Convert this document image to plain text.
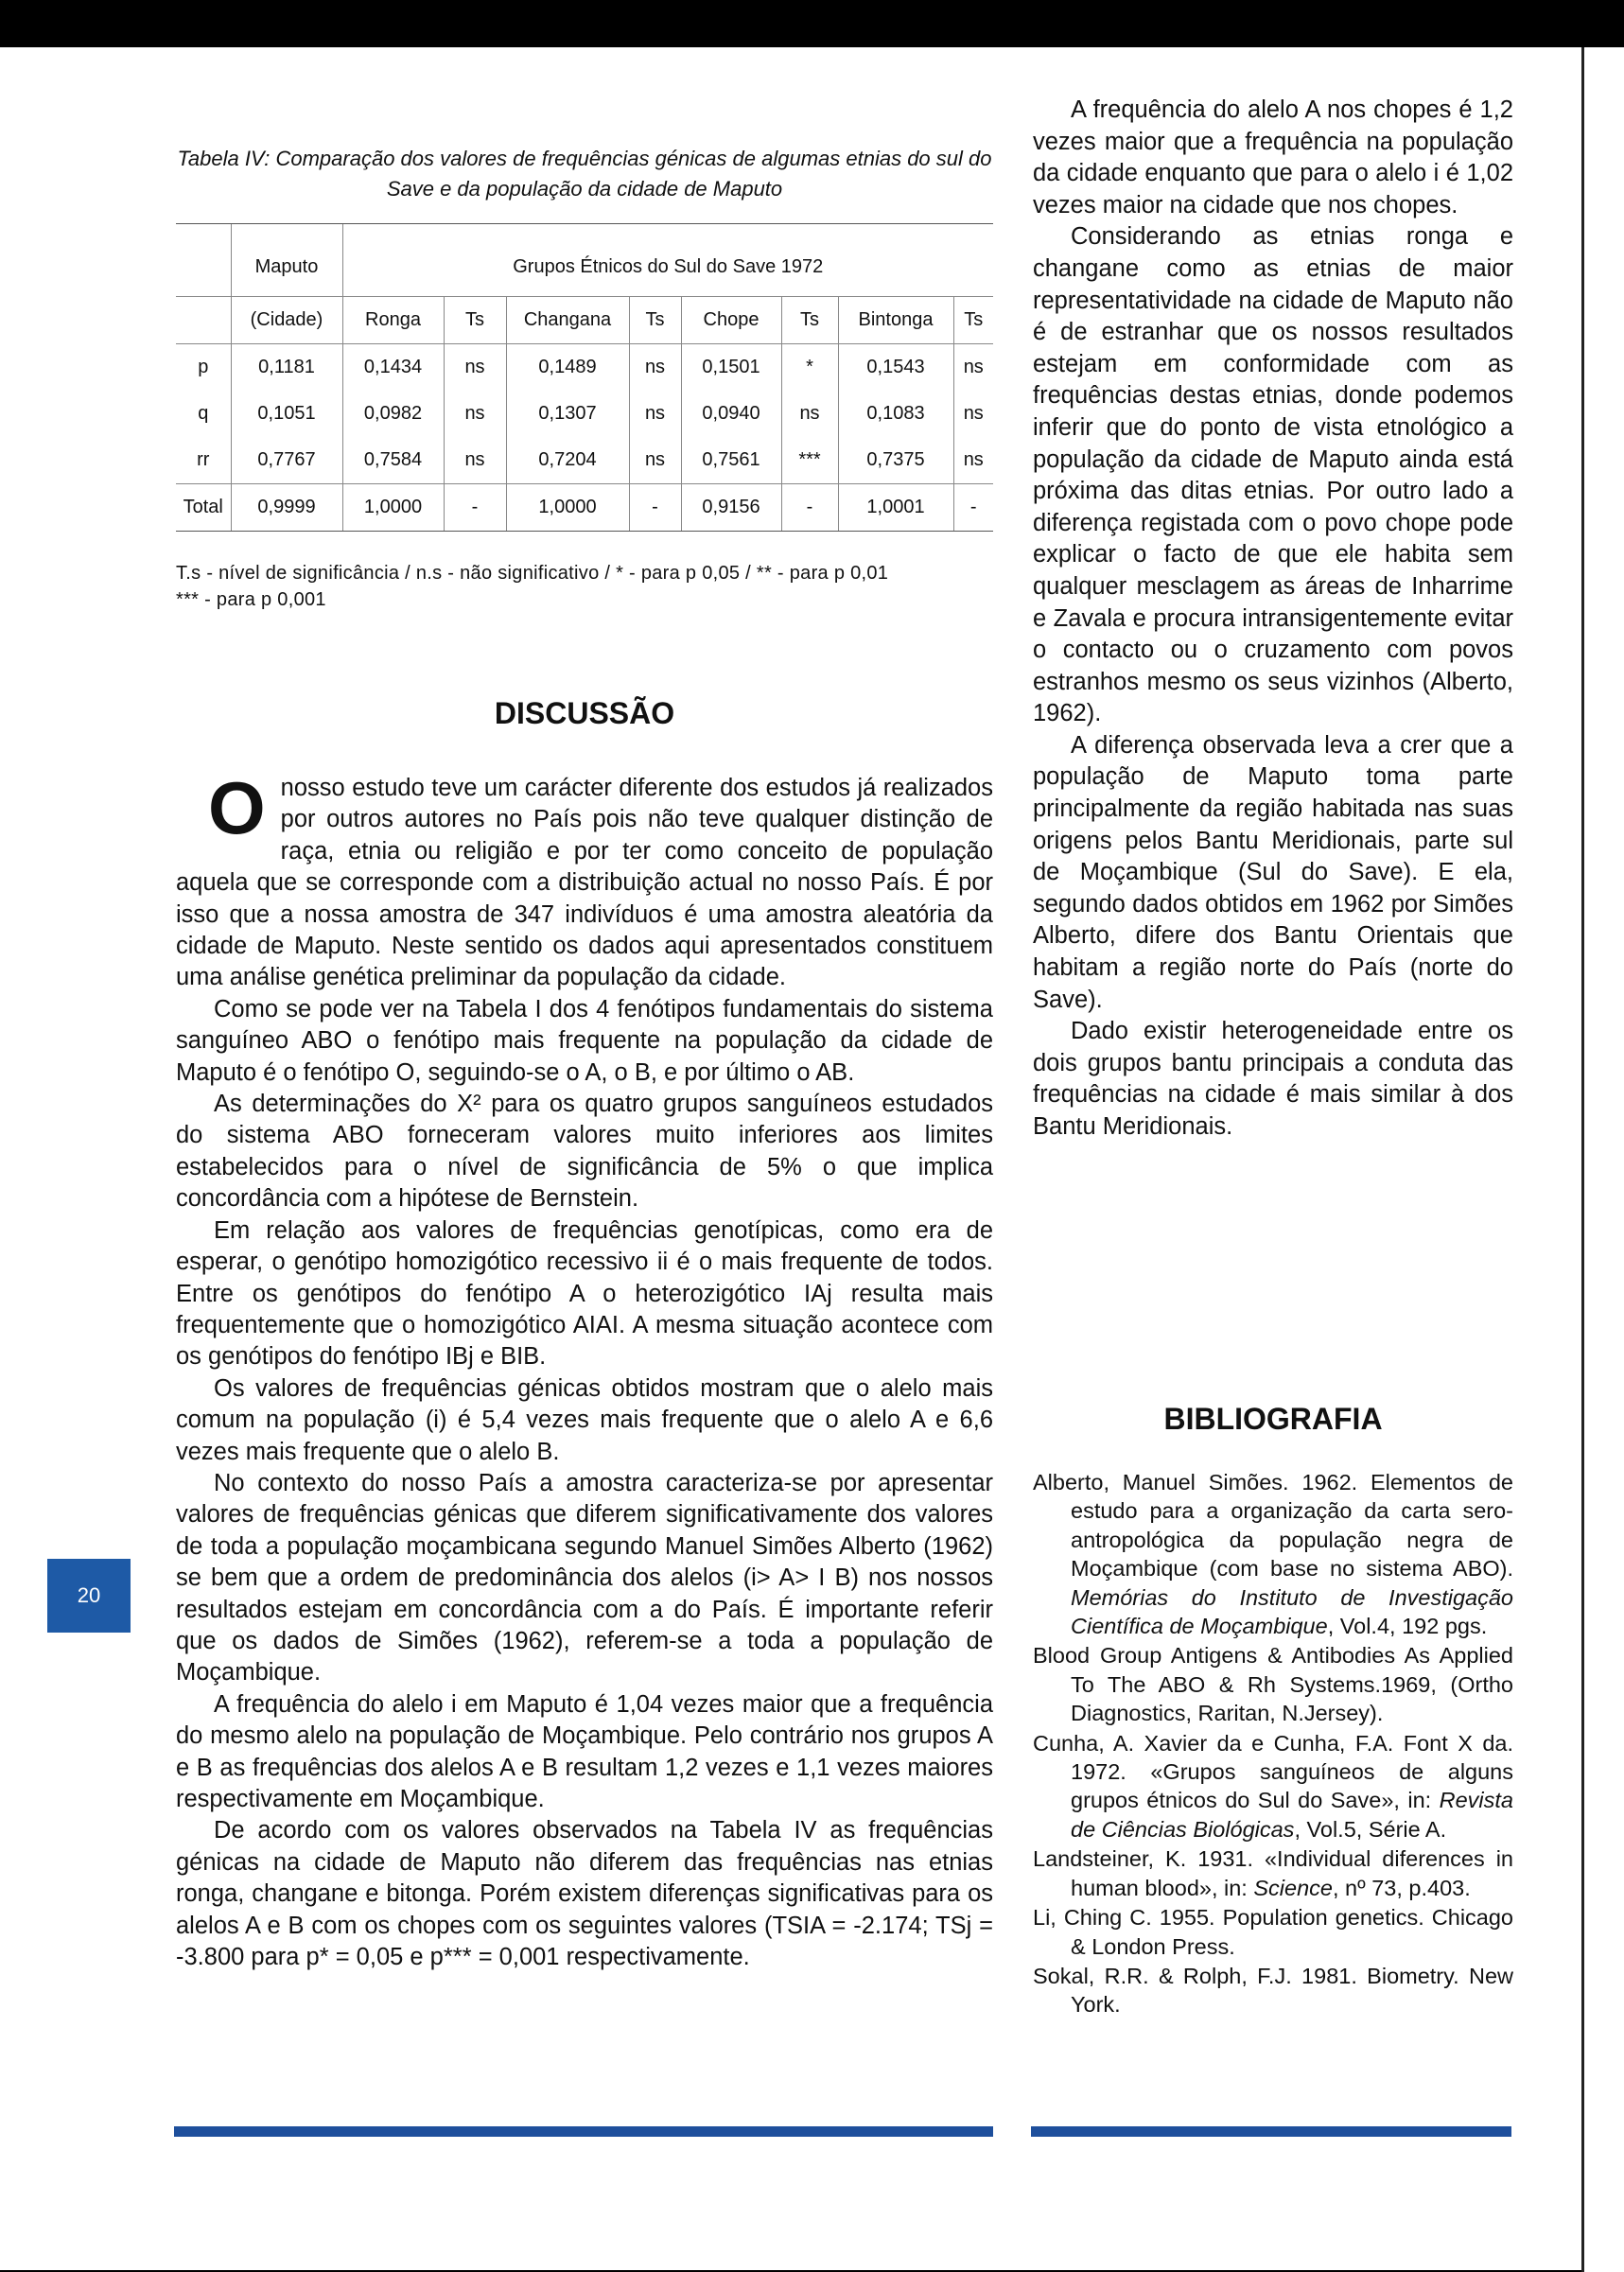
Tabela IV: Comparação dos valores de frequências génicas de algumas etnias do sul do Save e da população da cidade de Maputo
	Maputo	Grupos Étnicos do Sul do Save 1972							
	(Cidade)	Ronga	Ts	Changana	Ts	Chope	Ts	Bintonga	Ts
p	0,1181	0,1434	ns	0,1489	ns	0,1501	*	0,1543	ns
q	0,1051	0,0982	ns	0,1307	ns	0,0940	ns	0,1083	ns
rr	0,7767	0,7584	ns	0,7204	ns	0,7561	***	0,7375	ns
Total	0,9999	1,0000	-	1,0000	-	0,9156	-	1,0001	-
T.s - nível de significância / n.s - não significativo / * - para p 0,05 / ** - para p 0,01
*** - para p 0,001
DISCUSSÃO

Onosso estudo teve um carácter diferente dos estudos já realizados por outros autores no País pois não teve qualquer distinção de raça, etnia ou religião e por ter como conceito de população aquela que se corresponde com a distribuição actual no nosso País. É por isso que a nossa amostra de 347 indivíduos é uma amostra aleatória da cidade de Maputo. Neste sentido os dados aqui apresentados constituem uma análise genética preliminar da população da cidade.

Como se pode ver na Tabela I dos 4 fenótipos fundamentais do sistema sanguíneo ABO o fenótipo mais frequente na população da cidade de Maputo é o fenótipo O, seguindo-se o A, o B, e por último o AB.

As determinações do X² para os quatro grupos sanguíneos estudados do sistema ABO forneceram valores muito inferiores aos limites estabelecidos para o nível de significância de 5% o que implica concordância com a hipótese de Bernstein.

Em relação aos valores de frequências genotípicas, como era de esperar, o genótipo homozigótico recessivo ii é o mais frequente de todos. Entre os genótipos do fenótipo A o heterozigótico IAj resulta mais frequentemente que o homozigótico AIAI. A mesma situação acontece com os genótipos do fenótipo IBj e BIB.

Os valores de frequências génicas obtidos mostram que o alelo mais comum na população (i) é 5,4 vezes mais frequente que o alelo A e 6,6 vezes mais frequente que o alelo B.

No contexto do nosso País a amostra caracteriza-se por apresentar valores de frequências génicas que diferem significativamente dos valores de toda a população moçambicana segundo Manuel Simões Alberto (1962) se bem que a ordem de predominância dos alelos (i> A> I B) nos nossos resultados estejam em concordância com a do País. É importante referir que os dados de Simões (1962), referem-se a toda a população de Moçambique.

A frequência do alelo i em Maputo é 1,04 vezes maior que a frequência do mesmo alelo na população de Moçambique. Pelo contrário nos grupos A e B as frequências dos alelos A e B resultam 1,2 vezes e 1,1 vezes maiores respectivamente em Moçambique.

De acordo com os valores observados na Tabela IV as frequências génicas na cidade de Maputo não diferem das frequências nas etnias ronga, changane e bitonga. Porém existem diferenças significativas para os alelos A e B com os chopes com os seguintes valores (TSIA = -2.174; TSj = -3.800 para p* = 0,05 e p*** = 0,001 respectivamente.

A frequência do alelo A nos chopes é 1,2 vezes maior que a frequência na população da cidade enquanto que para o alelo i é 1,02 vezes maior na cidade que nos chopes.

Considerando as etnias ronga e changane como as etnias de maior representatividade na cidade de Maputo não é de estranhar que os nossos resultados estejam em conformidade com as frequências destas etnias, donde podemos inferir que do ponto de vista etnológico a população da cidade de Maputo ainda está próxima das ditas etnias. Por outro lado a diferença registada com o povo chope pode explicar o facto de que ele habita sem qualquer mesclagem as áreas de Inharrime e Zavala e procura intransigentemente evitar o contacto ou o cruzamento com povos estranhos mesmo os seus vizinhos (Alberto, 1962).

A diferença observada leva a crer que a população de Maputo toma parte principalmente da região habitada nas suas origens pelos Bantu Meridionais, parte sul de Moçambique (Sul do Save). E ela, segundo dados obtidos em 1962 por Simões Alberto, difere dos Bantu Orientais que habitam a região norte do País (norte do Save).

Dado existir heterogeneidade entre os dois grupos bantu principais a conduta das frequências na cidade é mais similar à dos Bantu Meridionais.

BIBLIOGRAFIA
Alberto, Manuel Simões. 1962. Elementos de estudo para a organização da carta sero-antropológica da população negra de Moçambique (com base no sistema ABO). Memórias do Instituto de Investigação Científica de Moçambique, Vol.4, 192 pgs.
Blood Group Antigens & Antibodies As Applied To The ABO & Rh Systems.1969, (Ortho Diagnostics, Raritan, N.Jersey).
Cunha, A. Xavier da e Cunha, F.A. Font X da. 1972. «Grupos sanguíneos de alguns grupos étnicos do Sul do Save», in: Revista de Ciências Biológicas, Vol.5, Série A.
Landsteiner, K. 1931. «Individual diferences in human blood», in: Science, nº 73, p.403.
Li, Ching C. 1955. Population genetics. Chicago & London Press.
Sokal, R.R. & Rolph, F.J. 1981. Biometry. New York.
20
